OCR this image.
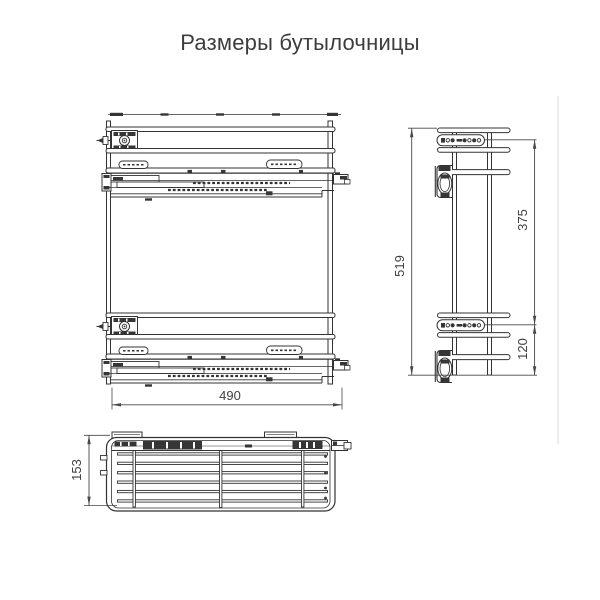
Размеры бутылочницы
490
519
375
120
153
